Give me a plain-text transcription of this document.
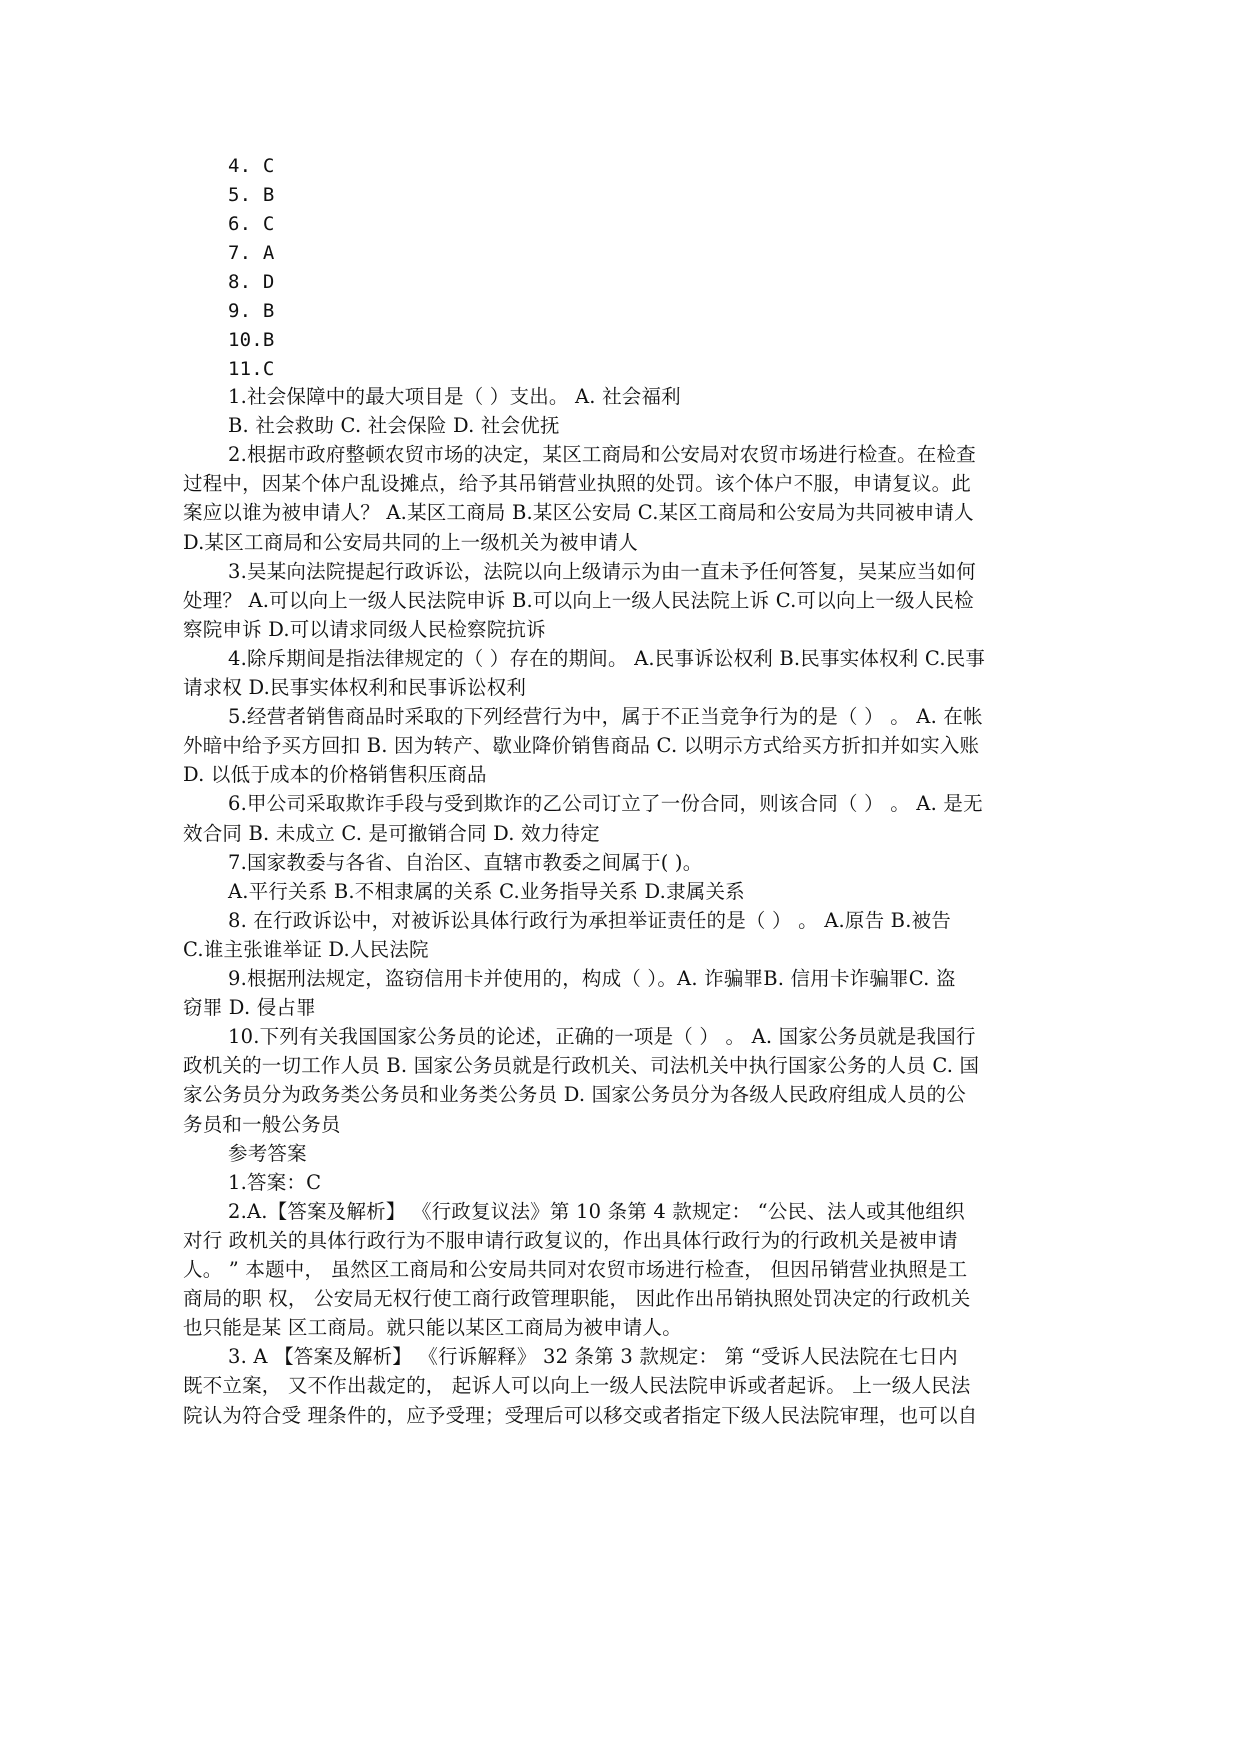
4. C
5. B
6. C
7. A
8. D
9. B
10.B
11.C
1.社会保障中的最大项目是（ ）支出。 A. 社会福利
B. 社会救助 C. 社会保险 D. 社会优抚
2.根据市政府整顿农贸市场的决定，某区工商局和公安局对农贸市场进行检查。在检查
过程中，因某个体户乱设摊点，给予其吊销营业执照的处罚。该个体户不服，申请复议。此
案应以谁为被申请人？ A.某区工商局 B.某区公安局 C.某区工商局和公安局为共同被申请人
D.某区工商局和公安局共同的上一级机关为被申请人
3.吴某向法院提起行政诉讼，法院以向上级请示为由一直未予任何答复，吴某应当如何
处理？ A.可以向上一级人民法院申诉 B.可以向上一级人民法院上诉 C.可以向上一级人民检
察院申诉 D.可以请求同级人民检察院抗诉
4.除斥期间是指法律规定的（ ）存在的期间。 A.民事诉讼权利 B.民事实体权利 C.民事
请求权 D.民事实体权利和民事诉讼权利
5.经营者销售商品时采取的下列经营行为中，属于不正当竞争行为的是（ ） 。 A. 在帐
外暗中给予买方回扣 B. 因为转产、歇业降价销售商品 C. 以明示方式给买方折扣并如实入账
D. 以低于成本的价格销售积压商品
6.甲公司采取欺诈手段与受到欺诈的乙公司订立了一份合同，则该合同（ ） 。 A. 是无
效合同 B. 未成立 C. 是可撤销合同 D. 效力待定
7.国家教委与各省、自治区、直辖市教委之间属于( )。
A.平行关系 B.不相隶属的关系 C.业务指导关系 D.隶属关系
8. 在行政诉讼中，对被诉讼具体行政行为承担举证责任的是（ ） 。 A.原告 B.被告
C.谁主张谁举证 D.人民法院
9.根据刑法规定，盗窃信用卡并使用的，构成（ ）。A. 诈骗罪B. 信用卡诈骗罪C. 盗
窃罪 D. 侵占罪
10.下列有关我国国家公务员的论述，正确的一项是（ ） 。 A. 国家公务员就是我国行
政机关的一切工作人员 B. 国家公务员就是行政机关、司法机关中执行国家公务的人员 C. 国
家公务员分为政务类公务员和业务类公务员 D. 国家公务员分为各级人民政府组成人员的公
务员和一般公务员
参考答案
1.答案：C
2.A.【答案及解析】 《行政复议法》第 10 条第 4 款规定： “公民、法人或其他组织
对行 政机关的具体行政行为不服申请行政复议的，作出具体行政行为的行政机关是被申请
人。 ” 本题中， 虽然区工商局和公安局共同对农贸市场进行检查， 但因吊销营业执照是工
商局的职 权， 公安局无权行使工商行政管理职能， 因此作出吊销执照处罚决定的行政机关
也只能是某 区工商局。就只能以某区工商局为被申请人。
3. A 【答案及解析】 《行诉解释》 32 条第 3 款规定： 第 “受诉人民法院在七日内
既不立案， 又不作出裁定的， 起诉人可以向上一级人民法院申诉或者起诉。 上一级人民法
院认为符合受 理条件的，应予受理；受理后可以移交或者指定下级人民法院审理，也可以自
